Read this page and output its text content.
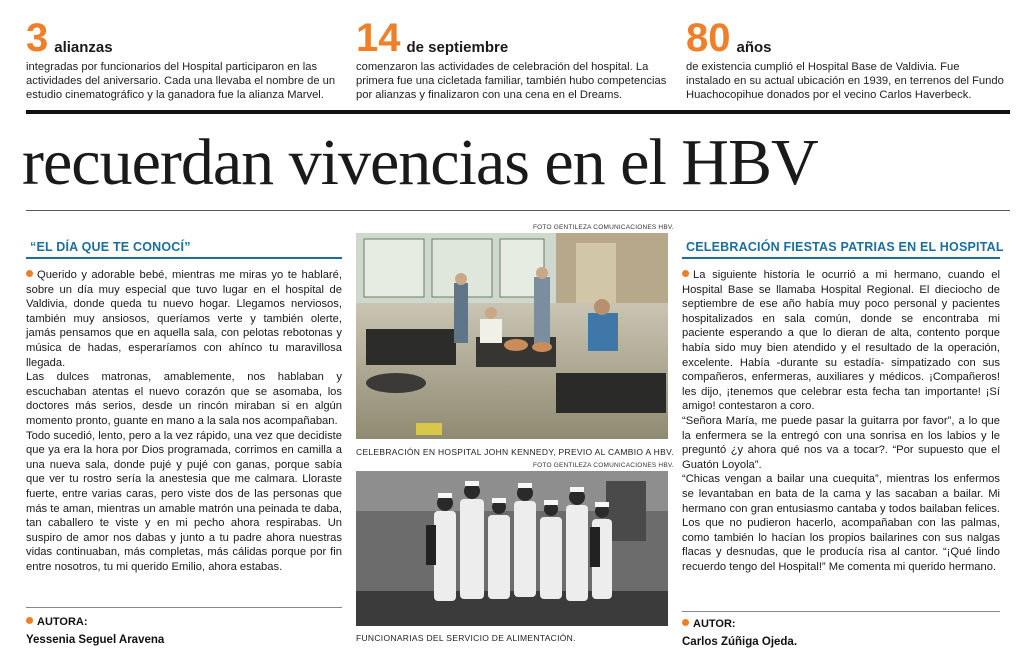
3 alianzas
integradas por funcionarios del Hospital participaron en las actividades del aniversario. Cada una llevaba el nombre de un estudio cinematográfico y la ganadora fue la alianza Marvel.
14 de septiembre
comenzaron las actividades de celebración del hospital. La primera fue una cicletada familiar, también hubo competencias por alianzas y finalizaron con una cena en el Dreams.
80 años
de existencia cumplió el Hospital Base de Valdivia. Fue instalado en su actual ubicación en 1939, en terrenos del Fundo Huachocopihue donados por el vecino Carlos Haverbeck.
recuerdan vivencias en el HBV
“EL DÍA QUE TE CONOCÍ”

Querido y adorable bebé, mientras me miras yo te hablaré, sobre un día muy especial que tuvo lugar en el hospital de Valdivia, donde queda tu nuevo hogar. Llegamos nerviosos, también muy ansiosos, queríamos verte y también olerte, jamás pensamos que en aquella sala, con pelotas rebotonas y música de hadas, esperaríamos con ahínco tu maravillosa llegada.

Las dulces matronas, amablemente, nos hablaban y escuchaban atentas el nuevo corazón que se asomaba, los doctores más serios, desde un rincón miraban si en algún momento pronto, guante en mano a la sala nos acompañaban.

Todo sucedió, lento, pero a la vez rápido, una vez que decidiste que ya era la hora por Dios programada, corrimos en camilla a una nueva sala, donde pujé y pujé con ganas, porque sabía que ver tu rostro sería la anestesia que me calmara. Lloraste fuerte, entre varias caras, pero viste dos de las personas que más te aman, mientras un amable matrón una peinada te daba, tan caballero te viste y en mi pecho ahora respirabas. Un suspiro de amor nos dabas y junto a tu padre ahora nuestras vidas continuaban, más completas, más cálidas porque por fin entre nosotros, tu mi querido Emilio, ahora estabas.

AUTORA:
Yessenia Seguel Aravena
FOTO GENTILEZA COMUNICACIONES HBV.
CELEBRACIÓN EN HOSPITAL JOHN KENNEDY, PREVIO AL CAMBIO A HBV.
FOTO GENTILEZA COMUNICACIONES HBV.
FUNCIONARIAS DEL SERVICIO DE ALIMENTACIÓN.
CELEBRACIÓN FIESTAS PATRIAS EN EL HOSPITAL

La siguiente historia le ocurrió a mi hermano, cuando el Hospital Base se llamaba Hospital Regional. El dieciocho de septiembre de ese año había muy poco personal y pacientes hospitalizados en sala común, donde se encontraba mi paciente esperando a que lo dieran de alta, contento porque había sido muy bien atendido y el resultado de la operación, excelente. Había -durante su estadía- simpatizado con sus compañeros, enfermeras, auxiliares y médicos. ¡Compañeros! les dijo, ¡tenemos que celebrar esta fecha tan importante! ¡Sí amigo! contestaron a coro.

“Señora María, me puede pasar la guitarra por favor”, a lo que la enfermera se la entregó con una sonrisa en los labios y le preguntó ¿y ahora qué nos va a tocar?. “Por supuesto que el Guatón Loyola”.

“Chicas vengan a bailar una cuequita”, mientras los enfermos se levantaban en bata de la cama y las sacaban a bailar. Mi hermano con gran entusiasmo cantaba y todos bailaban felices. Los que no pudieron hacerlo, acompañaban con las palmas, como también lo hacían los propios bailarines con sus nalgas flacas y desnudas, que le producía risa al cantor. “¡Qué lindo recuerdo tengo del Hospital!” Me comenta mi querido hermano.

AUTOR:
Carlos Zúñiga Ojeda.
